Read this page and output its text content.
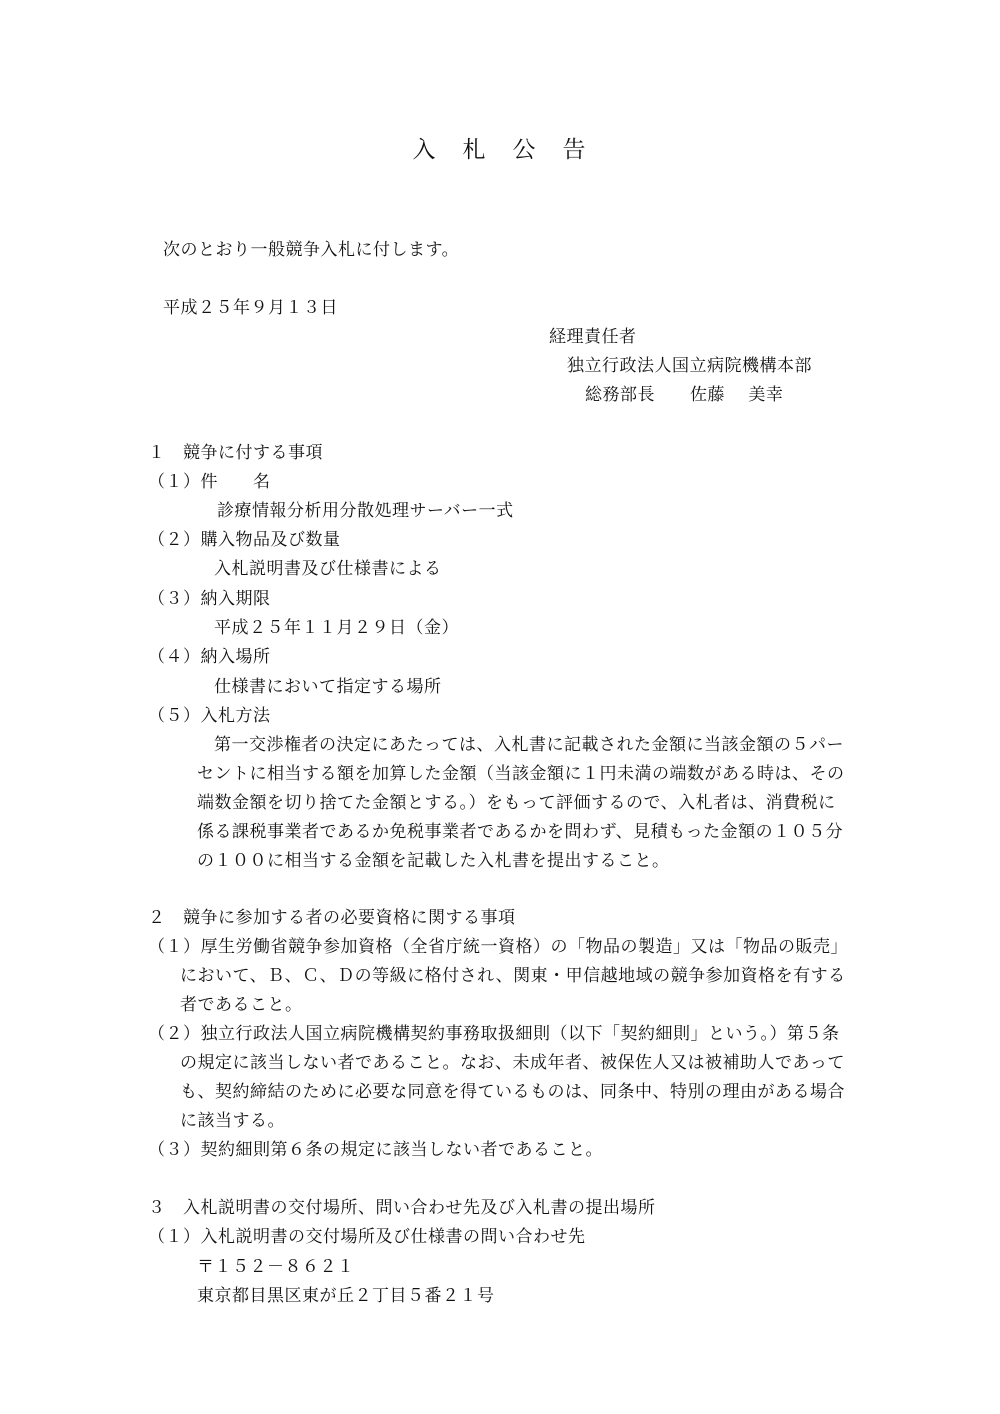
入　札　公　告
次のとおり一般競争入札に付します。
平成２５年９月１３日
経理責任者
独立行政法人国立病院機構本部
総務部長　　佐藤　 美幸
１　競争に付する事項
（１）件　　名
診療情報分析用分散処理サーバー一式
（２）購入物品及び数量
入札説明書及び仕様書による
（３）納入期限
平成２５年１１月２９日（金）
（４）納入場所
仕様書において指定する場所
（５）入札方法
第一交渉権者の決定にあたっては、入札書に記載された金額に当該金額の５パー
セントに相当する額を加算した金額（当該金額に１円未満の端数がある時は、その
端数金額を切り捨てた金額とする。）をもって評価するので、入札者は、消費税に
係る課税事業者であるか免税事業者であるかを問わず、見積もった金額の１０５分
の１００に相当する金額を記載した入札書を提出すること。
２　競争に参加する者の必要資格に関する事項
（１）厚生労働省競争参加資格（全省庁統一資格）の「物品の製造」又は「物品の販売」
において、Ｂ、Ｃ、Ｄの等級に格付され、関東・甲信越地域の競争参加資格を有する
者であること。
（２）独立行政法人国立病院機構契約事務取扱細則（以下「契約細則」という。）第５条
の規定に該当しない者であること。なお、未成年者、被保佐人又は被補助人であって
も、契約締結のために必要な同意を得ているものは、同条中、特別の理由がある場合
に該当する。
（３）契約細則第６条の規定に該当しない者であること。
３　入札説明書の交付場所、問い合わせ先及び入札書の提出場所
（１）入札説明書の交付場所及び仕様書の問い合わせ先
〒１５２－８６２１
東京都目黒区東が丘２丁目５番２１号
